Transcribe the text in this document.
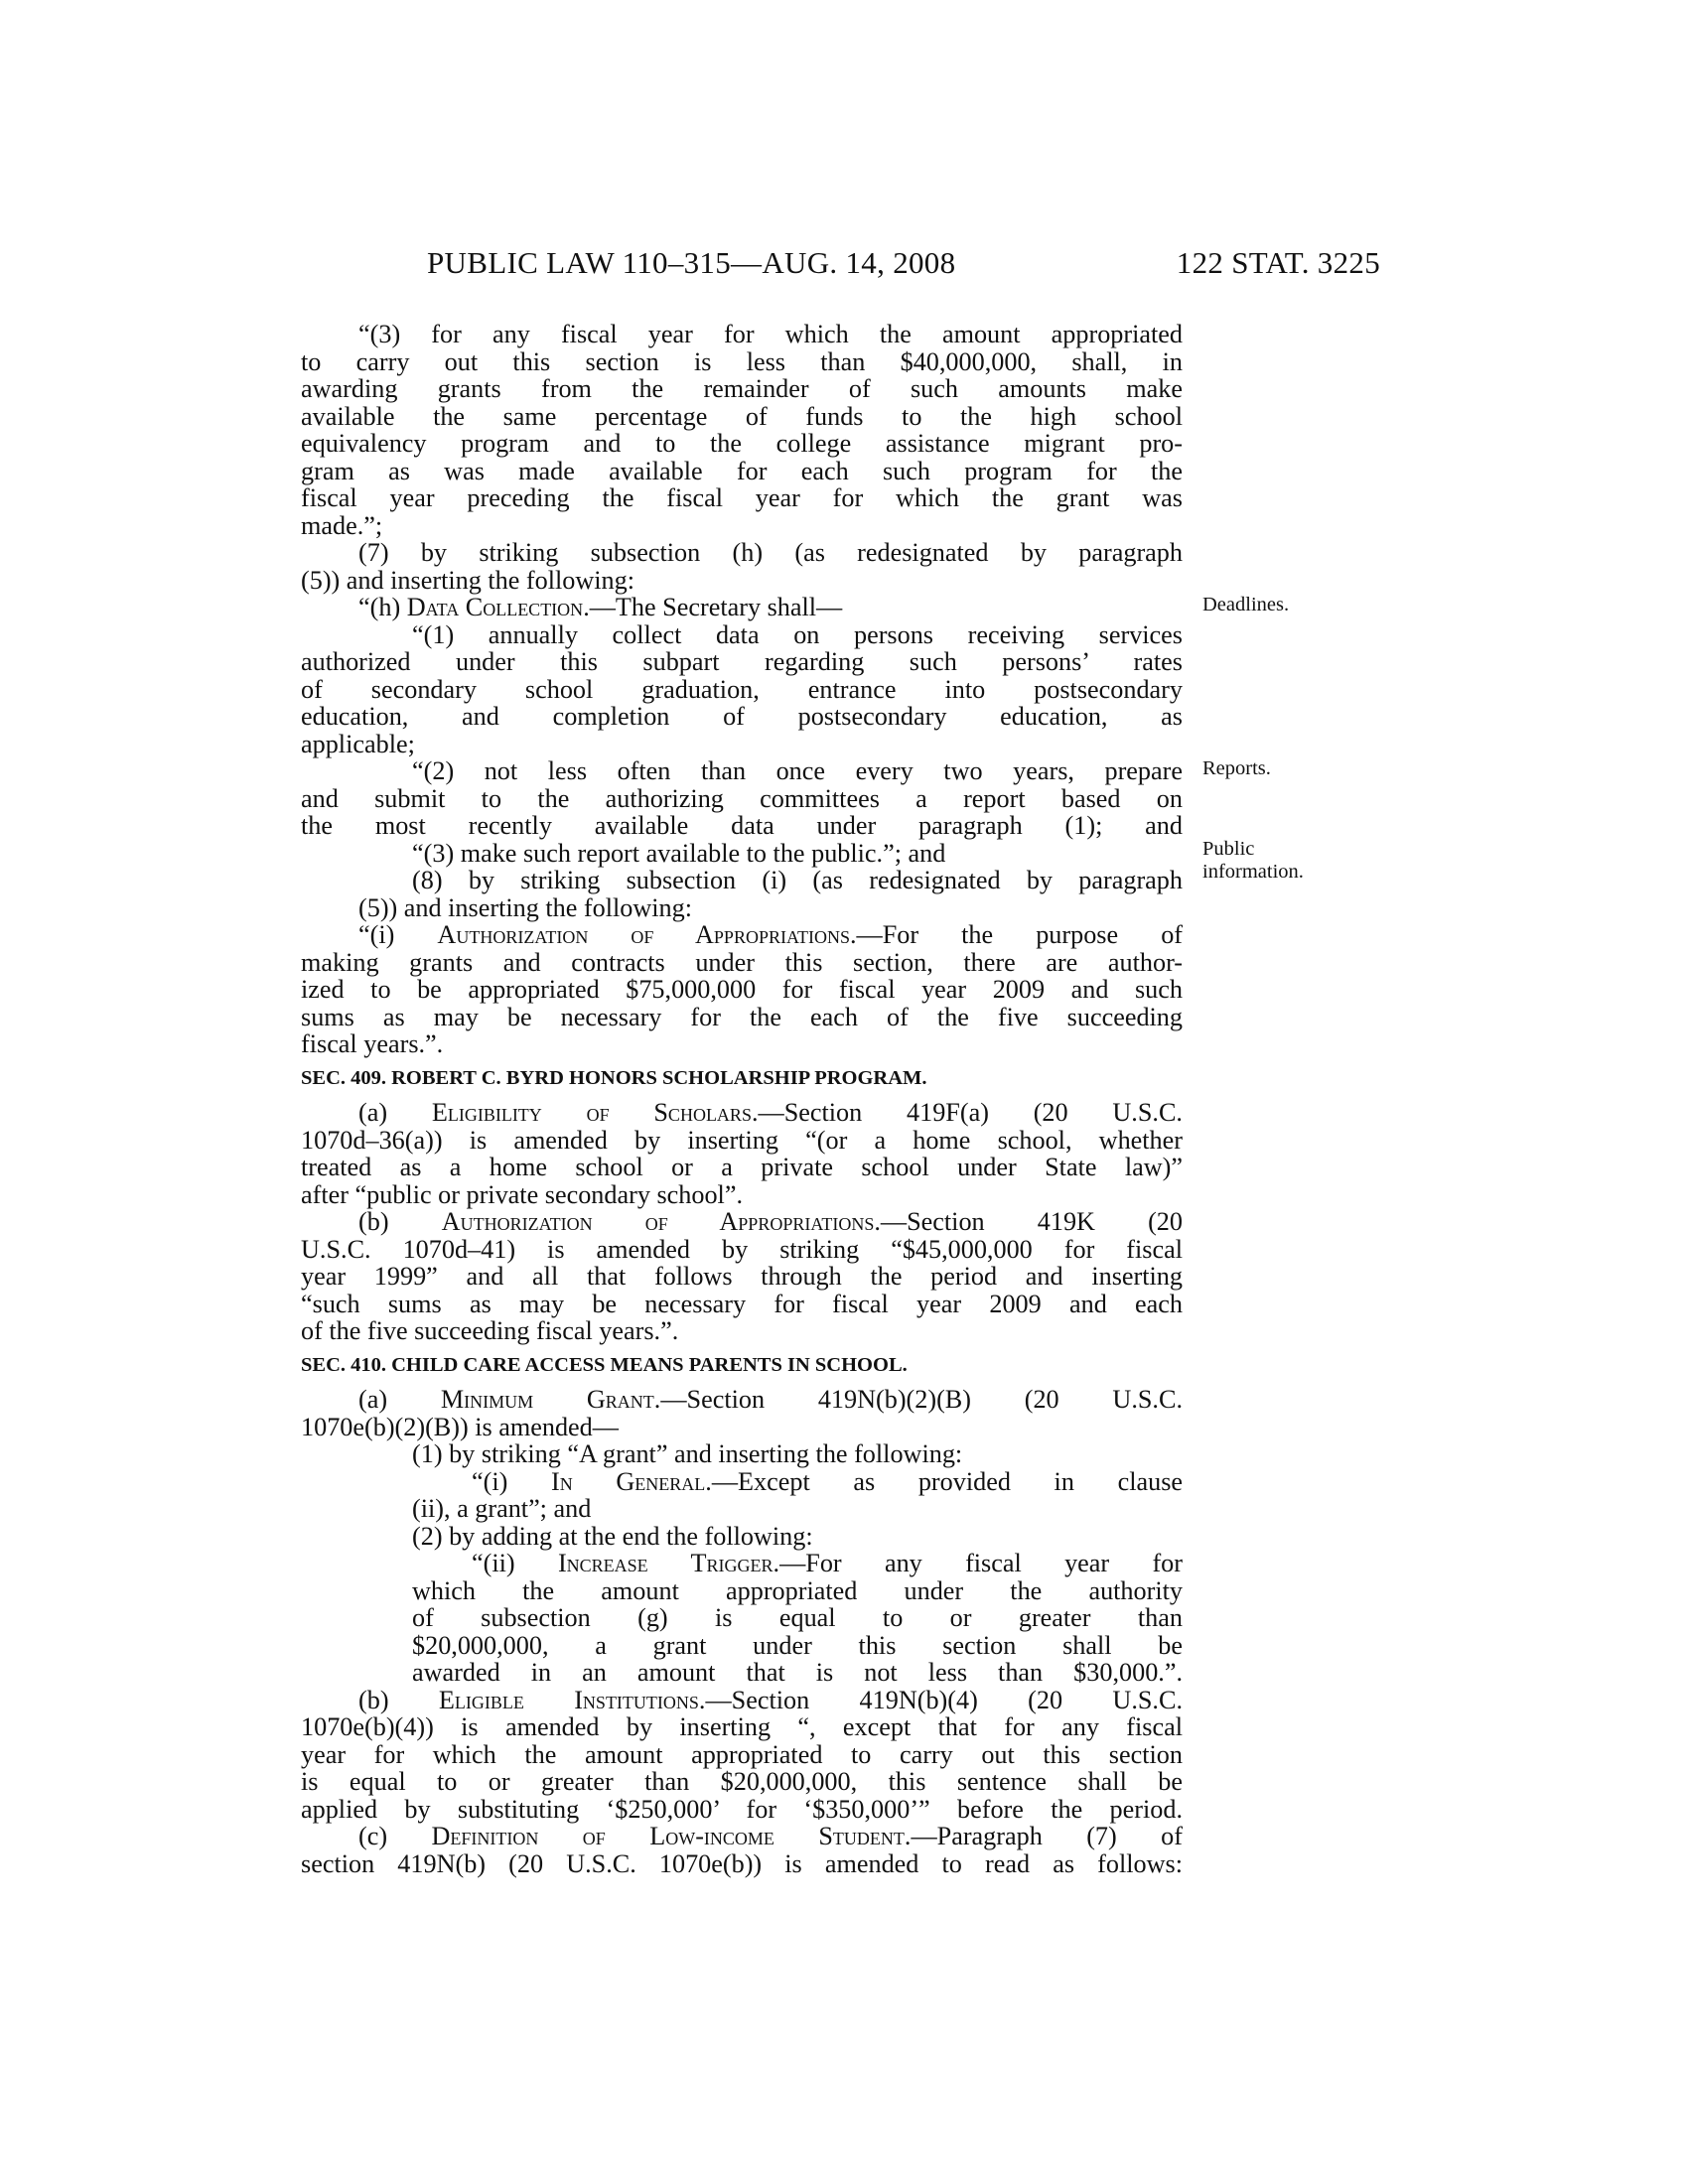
PUBLIC LAW 110–315—AUG. 14, 2008	122 STAT. 3225
“(3) for any fiscal year for which the amount appropriated
to carry out this section is less than $40,000,000, shall, in
awarding grants from the remainder of such amounts make
available the same percentage of funds to the high school
equivalency program and to the college assistance migrant pro-
gram as was made available for each such program for the
fiscal year preceding the fiscal year for which the grant was
made.”;
(7) by striking subsection (h) (as redesignated by paragraph
(5)) and inserting the following:
“(h) Data Collection.—The Secretary shall—
“(1) annually collect data on persons receiving services
authorized under this subpart regarding such persons’ rates
of secondary school graduation, entrance into postsecondary
education, and completion of postsecondary education, as
applicable;
“(2) not less often than once every two years, prepare
and submit to the authorizing committees a report based on
the most recently available data under paragraph (1); and
“(3) make such report available to the public.”; and
(8) by striking subsection (i) (as redesignated by paragraph
(5)) and inserting the following:
“(i) Authorization of Appropriations.—For the purpose of
making grants and contracts under this section, there are author-
ized to be appropriated $75,000,000 for fiscal year 2009 and such
sums as may be necessary for the each of the five succeeding
fiscal years.”.
SEC. 409. ROBERT C. BYRD HONORS SCHOLARSHIP PROGRAM.
(a) Eligibility of Scholars.—Section 419F(a) (20 U.S.C.
1070d–36(a)) is amended by inserting “(or a home school, whether
treated as a home school or a private school under State law)”
after “public or private secondary school”.
(b) Authorization of Appropriations.—Section 419K (20
U.S.C. 1070d–41) is amended by striking “$45,000,000 for fiscal
year 1999” and all that follows through the period and inserting
“such sums as may be necessary for fiscal year 2009 and each
of the five succeeding fiscal years.”.
SEC. 410. CHILD CARE ACCESS MEANS PARENTS IN SCHOOL.
(a) Minimum Grant.—Section 419N(b)(2)(B) (20 U.S.C.
1070e(b)(2)(B)) is amended—
(1) by striking “A grant” and inserting the following:
“(i) In General.—Except as provided in clause
(ii), a grant”; and
(2) by adding at the end the following:
“(ii) Increase Trigger.—For any fiscal year for
which the amount appropriated under the authority
of subsection (g) is equal to or greater than
$20,000,000, a grant under this section shall be
awarded in an amount that is not less than $30,000.”.
(b) Eligible Institutions.—Section 419N(b)(4) (20 U.S.C.
1070e(b)(4)) is amended by inserting “, except that for any fiscal
year for which the amount appropriated to carry out this section
is equal to or greater than $20,000,000, this sentence shall be
applied by substituting ‘$250,000’ for ‘$350,000’” before the period.
(c) Definition of Low-income Student.—Paragraph (7) of
section 419N(b) (20 U.S.C. 1070e(b)) is amended to read as follows:
Deadlines.
Reports.
Public
information.
